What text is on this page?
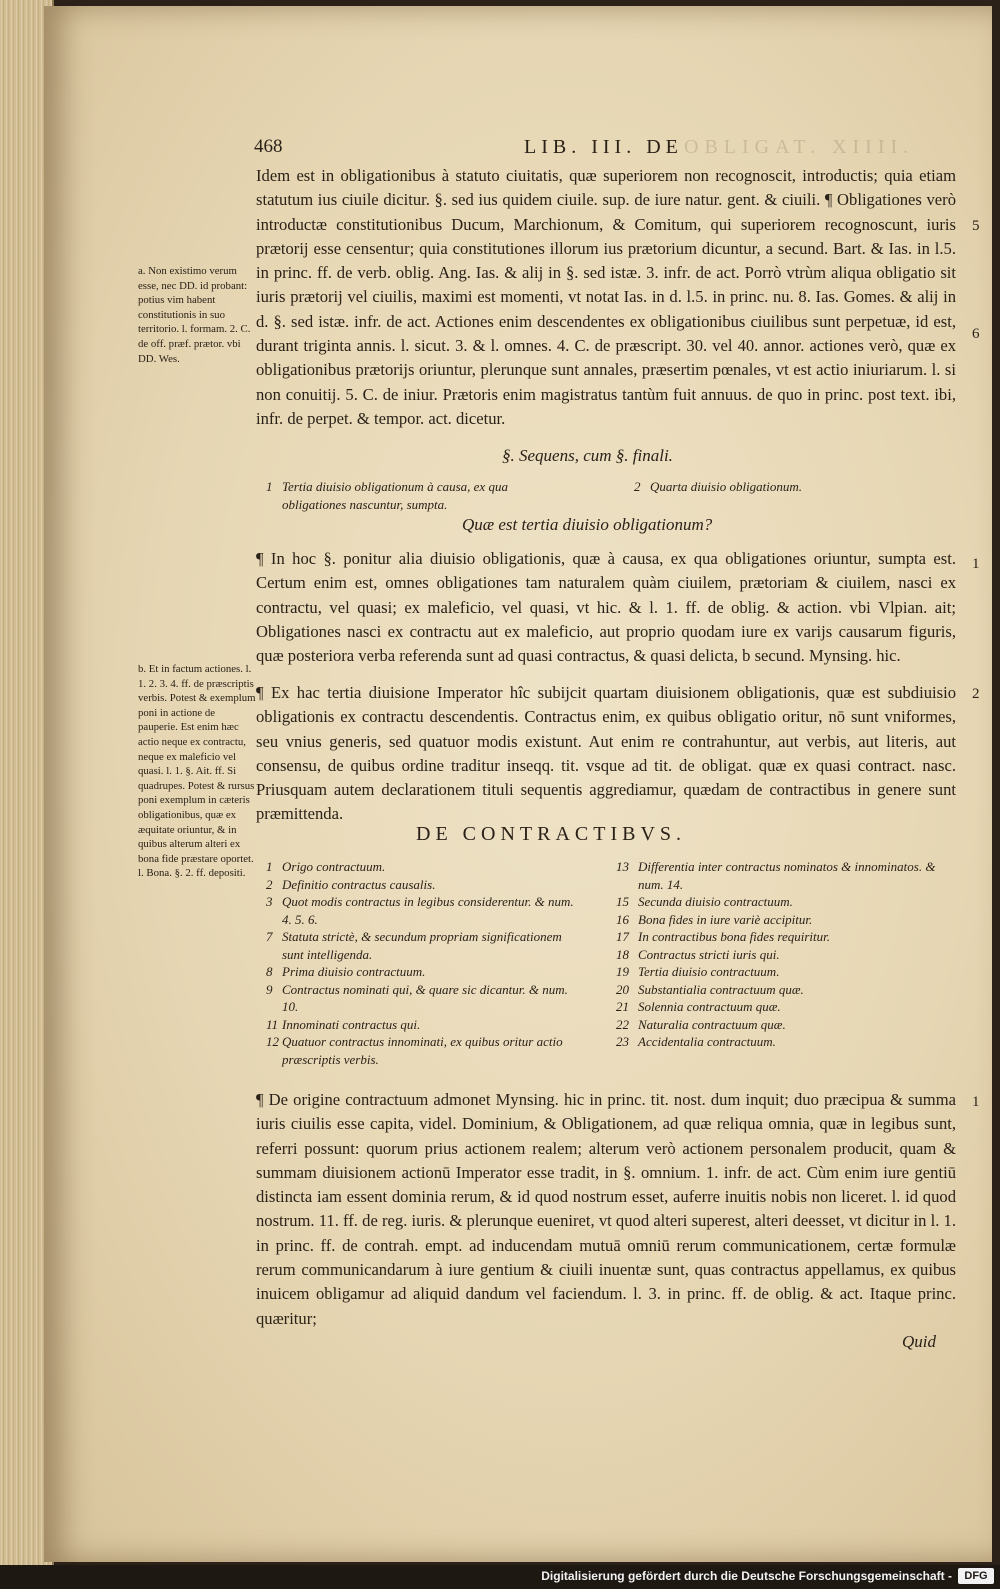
468	LIB. III. DE OBLIGAT. XIIII.

Idem est in obligationibus à statuto ciuitatis, quæ superiorem non recognoscit, introductis; quia etiam statutum ius ciuile dicitur. §. sed ius quidem ciuile. sup. de iure natur. gent. & ciuili. ¶ Obligationes verò introductæ constitutionibus Ducum, Marchionum, & Comitum, qui superiorem recognoscunt, iuris prætorij esse censentur; quia constitutiones illorum ius prætorium dicuntur, a secund. Bart. & Ias. in l.5. in princ. ff. de verb. oblig. Ang. Ias. & alij in §. sed istæ. 3. infr. de act. Porrò vtrùm aliqua obligatio sit iuris prætorij vel ciuilis, maximi est momenti, vt notat Ias. in d. l.5. in princ. nu. 8. Ias. Gomes. & alij in d. §. sed istæ. infr. de act. Actiones enim descendentes ex obligationibus ciuilibus sunt perpetuæ, id est, durant triginta annis. l. sicut. 3. & l. omnes. 4. C. de præscript. 30. vel 40. annor. actiones verò, quæ ex obligationibus prætorijs oriuntur, plerunque sunt annales, præsertim pœnales, vt est actio iniuriarum. l. si non conuitij. 5. C. de iniur. Prætoris enim magistratus tantùm fuit annuus. de quo in princ. post text. ibi, infr. de perpet. & tempor. act. dicetur.

§. Sequens, cum §. finali.
1 Tertia diuisio obligationum à causa, ex qua obligationes nascuntur, sumpta.
2 Quarta diuisio obligationum.
Quæ est tertia diuisio obligationum?

¶ In hoc §. ponitur alia diuisio obligationis, quæ à causa, ex qua obligationes oriuntur, sumpta est. Certum enim est, omnes obligationes tam naturalem quàm ciuilem, prætoriam & ciuilem, nasci ex contractu, vel quasi; ex maleficio, vel quasi, vt hic. & l. 1. ff. de oblig. & action. vbi Vlpian. ait; Obligationes nasci ex contractu aut ex maleficio, aut proprio quodam iure ex varijs causarum figuris, quæ posteriora verba referenda sunt ad quasi contractus, & quasi delicta, b secund. Mynsing. hic.

¶ Ex hac tertia diuisione Imperator hîc subijcit quartam diuisionem obligationis, quæ est subdiuisio obligationis ex contractu descendentis. Contractus enim, ex quibus obligatio oritur, nō sunt vniformes, seu vnius generis, sed quatuor modis existunt. Aut enim re contrahuntur, aut verbis, aut literis, aut consensu, de quibus ordine traditur inseqq. tit. vsque ad tit. de obligat. quæ ex quasi contract. nasc. Priusquam autem declarationem tituli sequentis aggrediamur, quædam de contractibus in genere sunt præmittenda.

DE CONTRACTIBVS.
1 Origo contractuum.
2 Definitio contractus causalis.
3 Quot modis contractus in legibus considerentur. & num. 4. 5. 6.
7 Statuta strictè, & secundum propriam significationem sunt intelligenda.
8 Prima diuisio contractuum.
9 Contractus nominati qui, & quare sic dicantur. & num. 10.
11 Innominati contractus qui.
12 Quatuor contractus innominati, ex quibus oritur actio præscriptis verbis.
13 Differentia inter contractus nominatos & innominatos. & num. 14.
15 Secunda diuisio contractuum.
16 Bona fides in iure variè accipitur.
17 In contractibus bona fides requiritur.
18 Contractus stricti iuris qui.
19 Tertia diuisio contractuum.
20 Substantialia contractuum quæ.
21 Solennia contractuum quæ.
22 Naturalia contractuum quæ.
23 Accidentalia contractuum.

¶ De origine contractuum admonet Mynsing. hic in princ. tit. nost. dum inquit; duo præcipua & summa iuris ciuilis esse capita, videl. Dominium, & Obligationem, ad quæ reliqua omnia, quæ in legibus sunt, referri possunt: quorum prius actionem realem; alterum verò actionem personalem producit, quam & summam diuisionem actionū Imperator esse tradit, in §. omnium. 1. infr. de act. Cùm enim iure gentiū distincta iam essent dominia rerum, & id quod nostrum esset, auferre inuitis nobis non liceret. l. id quod nostrum. 11. ff. de reg. iuris. & plerunque eueniret, vt quod alteri superest, alteri deesset, vt dicitur in l. 1. in princ. ff. de contrah. empt. ad inducendam mutuā omniū rerum communicationem, certæ formulæ rerum communicandarum à iure gentium & ciuili inuentæ sunt, quas contractus appellamus, ex quibus inuicem obligamur ad aliquid dandum vel faciendum. l. 3. in princ. ff. de oblig. & act. Itaque princ. quæritur;

Quid
a. Non existimo verum esse, nec DD. id probant: potius vim habent constitutionis in suo territorio. l. formam. 2. C. de off. præf. prætor. vbi DD. Wes.
b. Et in factum actiones. l. 1. 2. 3. 4. ff. de præscriptis verbis. Potest & exemplum poni in actione de pauperie. Est enim hæc actio neque ex contractu, neque ex maleficio vel quasi. l. 1. §. Ait. ff. Si quadrupes. Potest & rursus poni exemplum in cæteris obligationibus, quæ ex æquitate oriuntur, & in quibus alterum alteri ex bona fide præstare oportet. l. Bona. §. 2. ff. depositi.
5
6
1
2
1
Digitalisierung gefördert durch die Deutsche Forschungsgemeinschaft -	DFG
